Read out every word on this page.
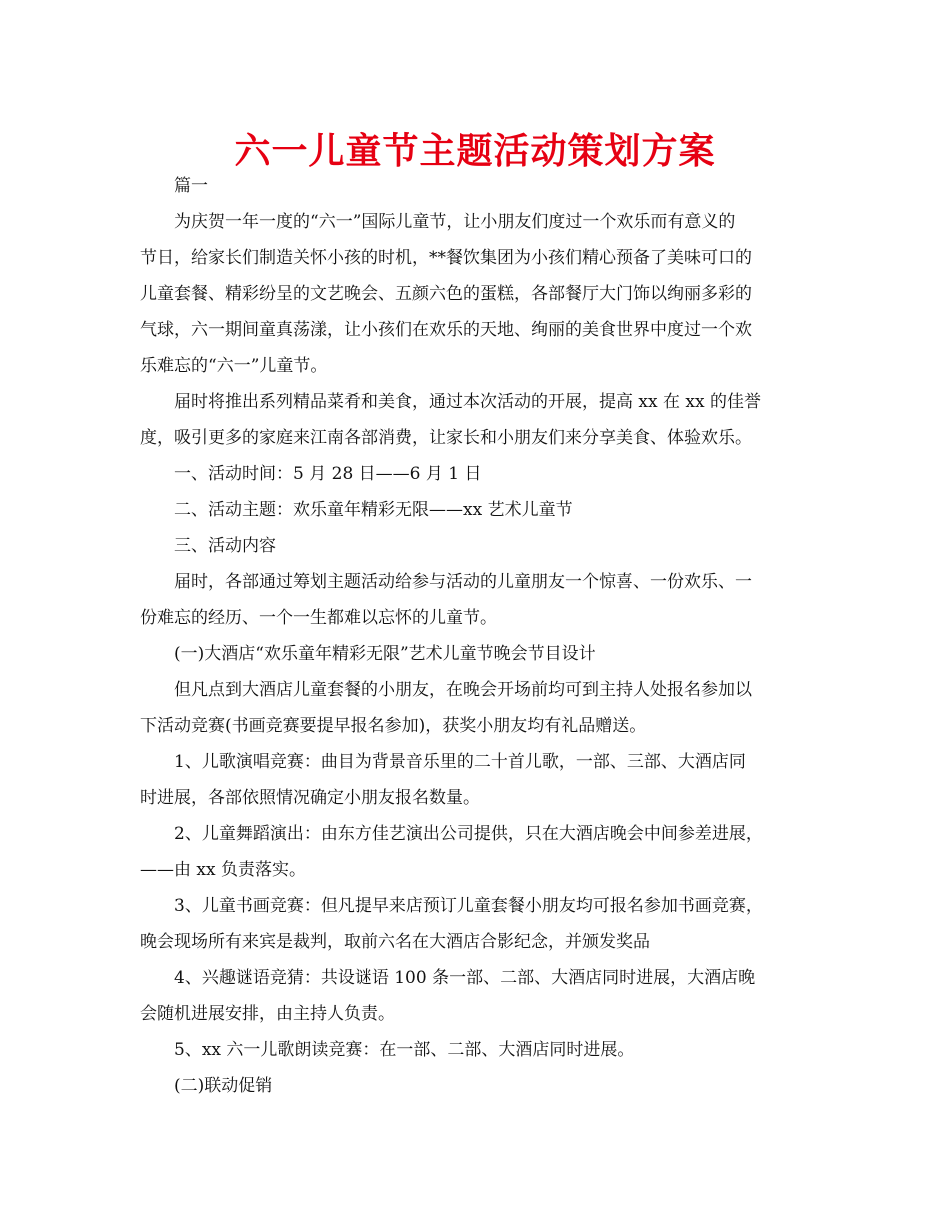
六一儿童节主题活动策划方案
篇一
为庆贺一年一度的“六一”国际儿童节，让小朋友们度过一个欢乐而有意义的
节日，给家长们制造关怀小孩的时机，**餐饮集团为小孩们精心预备了美味可口的
儿童套餐、精彩纷呈的文艺晚会、五颜六色的蛋糕，各部餐厅大门饰以绚丽多彩的
气球，六一期间童真荡漾，让小孩们在欢乐的天地、绚丽的美食世界中度过一个欢
乐难忘的“六一”儿童节。
届时将推出系列精品菜肴和美食，通过本次活动的开展，提高 xx 在 xx 的佳誉
度，吸引更多的家庭来江南各部消费，让家长和小朋友们来分享美食、体验欢乐。
一、活动时间：5 月 28 日——6 月 1 日
二、活动主题：欢乐童年精彩无限——xx 艺术儿童节
三、活动内容
届时，各部通过筹划主题活动给参与活动的儿童朋友一个惊喜、一份欢乐、一
份难忘的经历、一个一生都难以忘怀的儿童节。
(一)大酒店“欢乐童年精彩无限”艺术儿童节晚会节目设计
但凡点到大酒店儿童套餐的小朋友，在晚会开场前均可到主持人处报名参加以
下活动竞赛(书画竞赛要提早报名参加)，获奖小朋友均有礼品赠送。
1、儿歌演唱竞赛：曲目为背景音乐里的二十首儿歌，一部、三部、大酒店同
时进展，各部依照情况确定小朋友报名数量。
2、儿童舞蹈演出：由东方佳艺演出公司提供，只在大酒店晚会中间参差进展，
——由 xx 负责落实。
3、儿童书画竞赛：但凡提早来店预订儿童套餐小朋友均可报名参加书画竞赛，
晚会现场所有来宾是裁判，取前六名在大酒店合影纪念，并颁发奖品
4、兴趣谜语竞猜：共设谜语 100 条一部、二部、大酒店同时进展，大酒店晚
会随机进展安排，由主持人负责。
5、xx 六一儿歌朗读竞赛：在一部、二部、大酒店同时进展。
(二)联动促销
